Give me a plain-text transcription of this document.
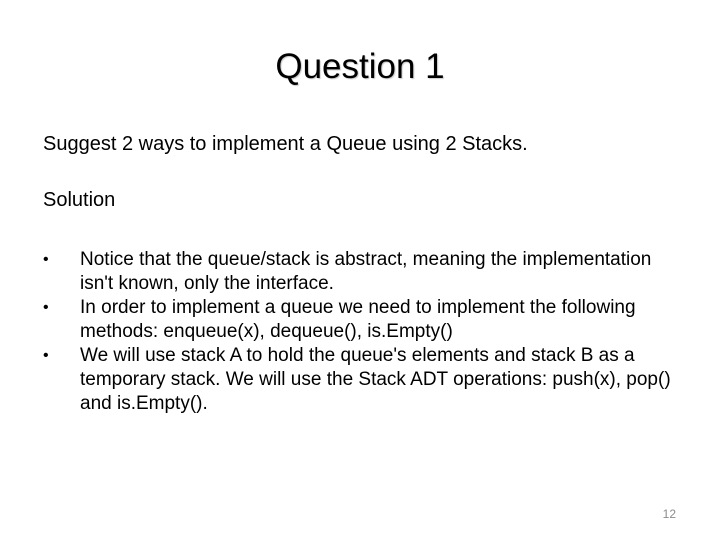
Question 1
Suggest 2 ways to implement a Queue using 2 Stacks.
Solution
•	Notice that the queue/stack is abstract, meaning the implementation isn't known, only the interface.
•	In order to implement a queue we need to implement the following methods: enqueue(x), dequeue(), is.Empty()
•	We will use stack A to hold the queue's elements and stack B as a temporary stack. We will use the Stack ADT operations: push(x), pop() and is.Empty().
12
